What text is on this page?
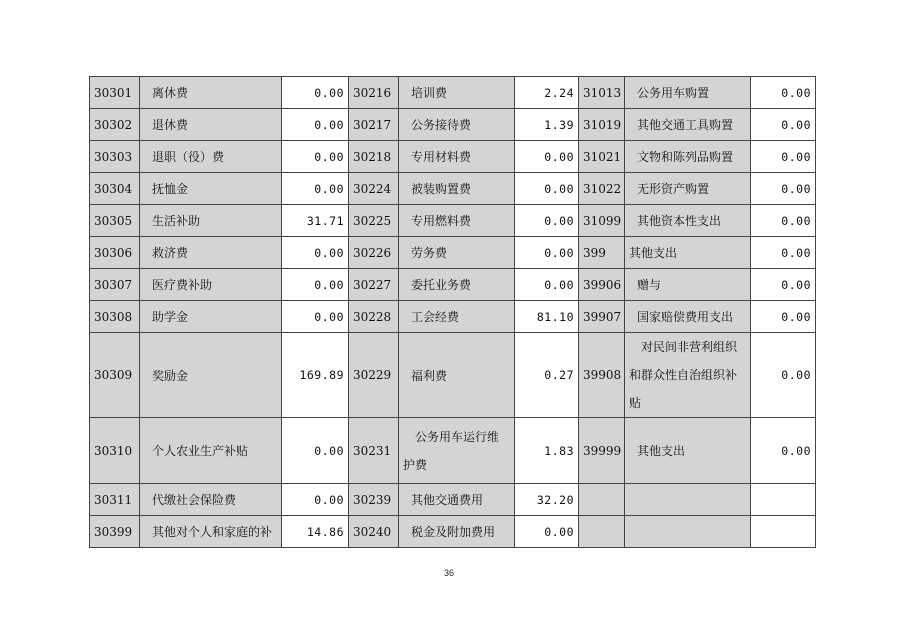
30301	离休费	0.00	30216	培训费	2.24	31013	公务用车购置	0.00
30302	退休费	0.00	30217	公务接待费	1.39	31019	其他交通工具购置	0.00
30303	退职（役）费	0.00	30218	专用材料费	0.00	31021	文物和陈列品购置	0.00
30304	抚恤金	0.00	30224	被装购置费	0.00	31022	无形资产购置	0.00
30305	生活补助	31.71	30225	专用燃料费	0.00	31099	其他资本性支出	0.00
30306	救济费	0.00	30226	劳务费	0.00	399	其他支出	0.00
30307	医疗费补助	0.00	30227	委托业务费	0.00	39906	赠与	0.00
30308	助学金	0.00	30228	工会经费	81.10	39907	国家赔偿费用支出	0.00
30309	奖励金	169.89	30229	福利费	0.27	39908	对民间非营利组织和群众性自治组织补贴	0.00
30310	个人农业生产补贴	0.00	30231	公务用车运行维护费	1.83	39999	其他支出	0.00
30311	代缴社会保险费	0.00	30239	其他交通费用	32.20			
30399	其他对个人和家庭的补	14.86	30240	税金及附加费用	0.00			
36
